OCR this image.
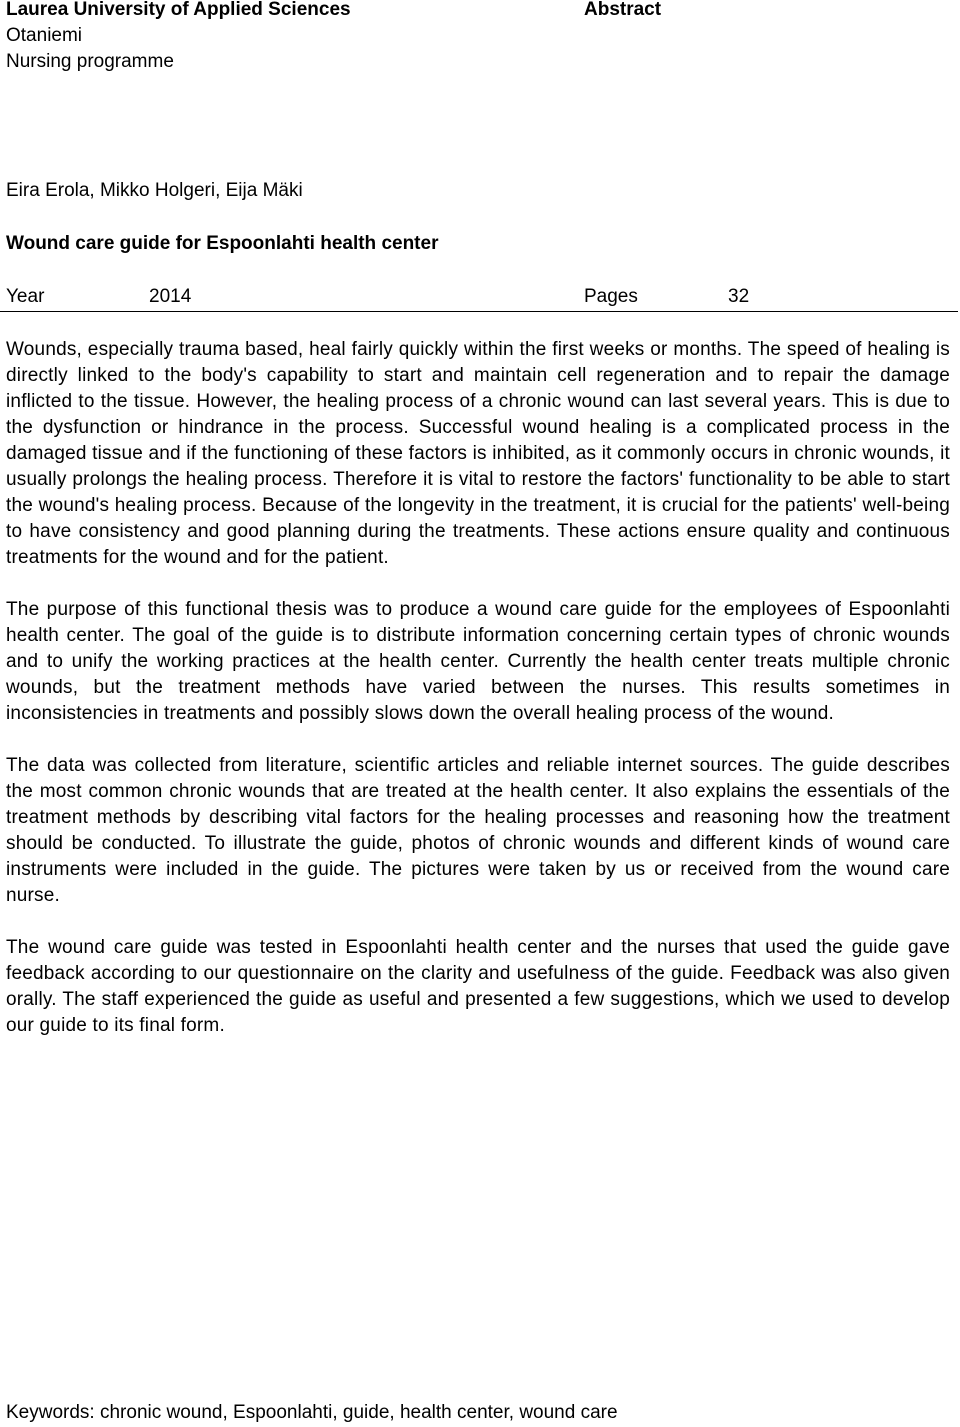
Laurea University of Applied Sciences
Otaniemi
Nursing programme
Abstract
Eira Erola, Mikko Holgeri, Eija Mäki
Wound care guide for Espoonlahti health center
Year	2014	Pages	32

Wounds, especially trauma based, heal fairly quickly within the first weeks or months. The speed of healing is directly linked to the body's capability to start and maintain cell regeneration and to repair the damage inflicted to the tissue. However, the healing process of a chronic wound can last several years. This is due to the dysfunction or hindrance in the process. Successful wound healing is a complicated process in the damaged tissue and if the functioning of these factors is inhibited, as it commonly occurs in chronic wounds, it usually prolongs the healing process. Therefore it is vital to restore the factors' functionality to be able to start the wound's healing process. Because of the longevity in the treatment, it is crucial for the patients' well-being to have consistency and good planning during the treatments. These actions ensure quality and continuous treatments for the wound and for the patient.

The purpose of this functional thesis was to produce a wound care guide for the employees of Espoonlahti health center. The goal of the guide is to distribute information concerning certain types of chronic wounds and to unify the working practices at the health center. Currently the health center treats multiple chronic wounds, but the treatment methods have varied between the nurses. This results sometimes in inconsistencies in treatments and possibly slows down the overall healing process of the wound.

The data was collected from literature, scientific articles and reliable internet sources. The guide describes the most common chronic wounds that are treated at the health center. It also explains the essentials of the treatment methods by describing vital factors for the healing processes and reasoning how the treatment should be conducted. To illustrate the guide, photos of chronic wounds and different kinds of wound care instruments were included in the guide. The pictures were taken by us or received from the wound care nurse.

The wound care guide was tested in Espoonlahti health center and the nurses that used the guide gave feedback according to our questionnaire on the clarity and usefulness of the guide. Feedback was also given orally. The staff experienced the guide as useful and presented a few suggestions, which we used to develop our guide to its final form.

Keywords: chronic wound, Espoonlahti, guide, health center, wound care
